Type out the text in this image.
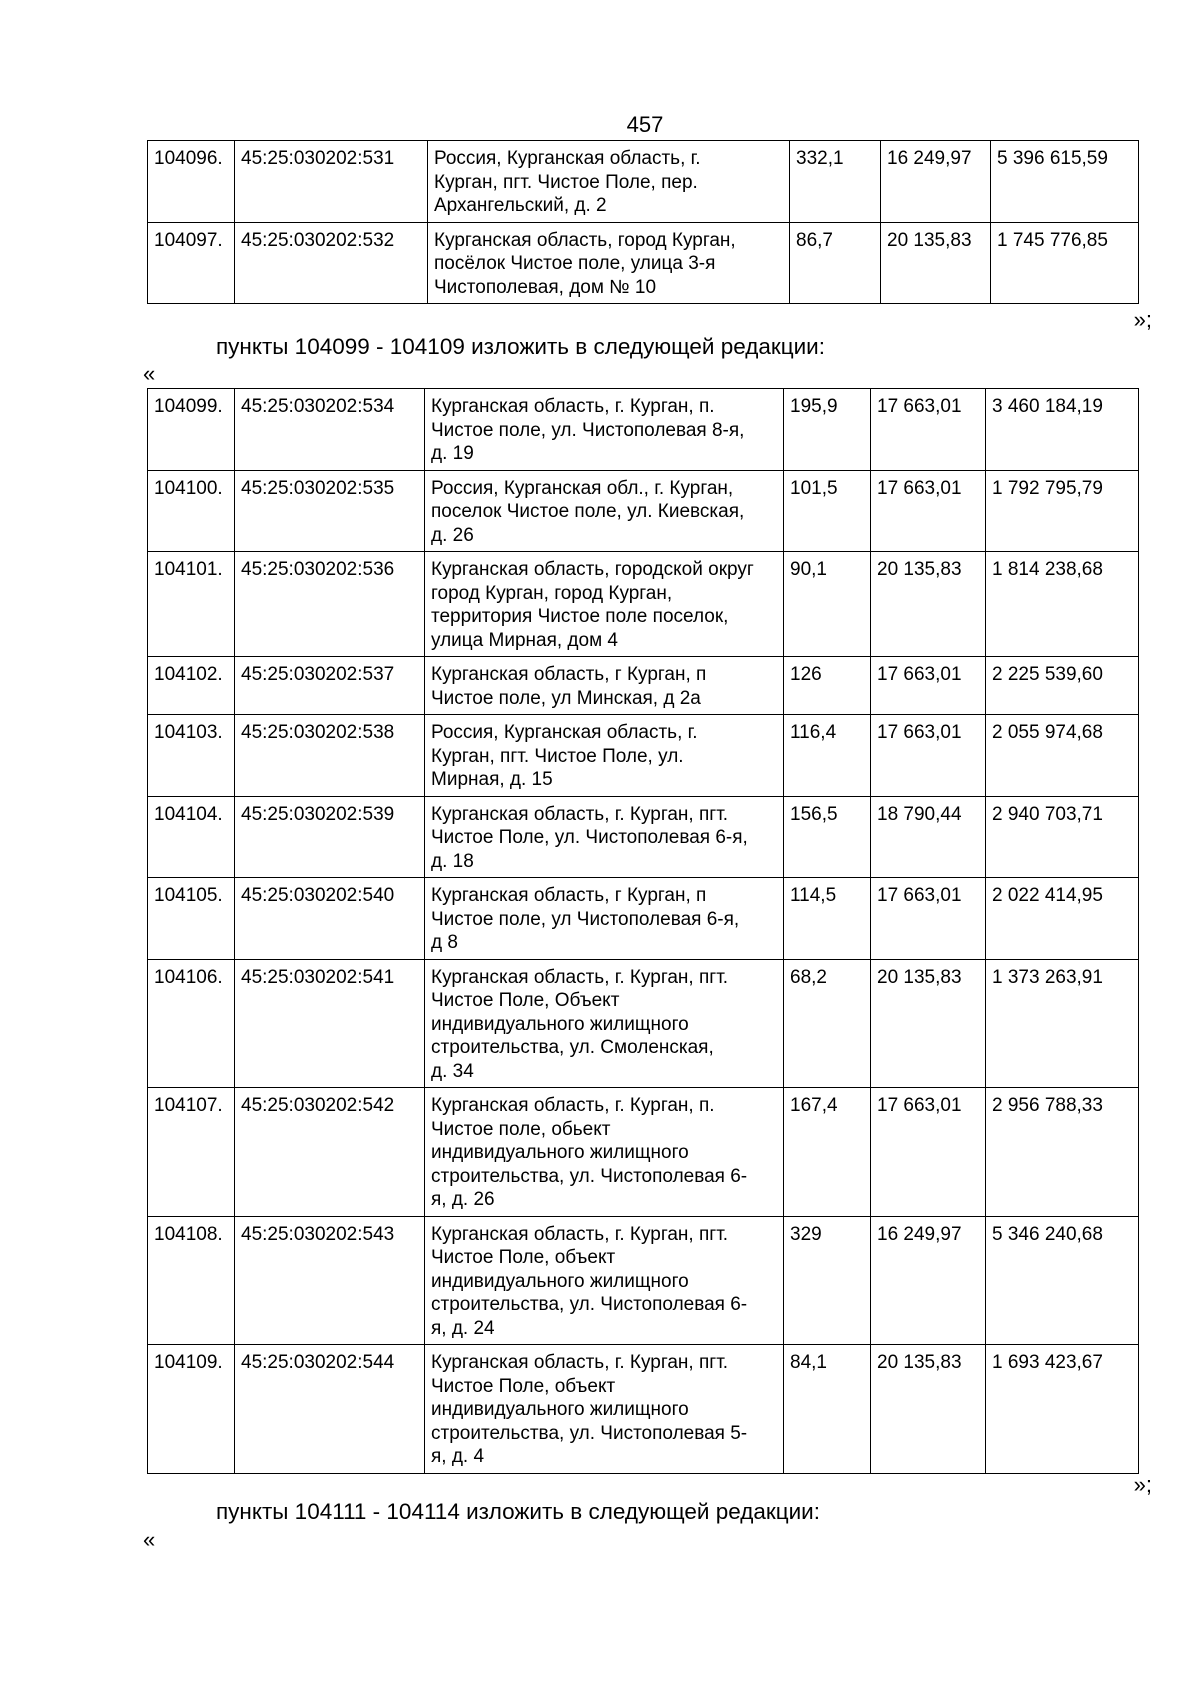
457
104096.	45:25:030202:531	Россия, Курганская область, г.
Курган, пгт. Чистое Поле, пер.
Архангельский, д. 2	332,1	16 249,97	5 396 615,59
104097.	45:25:030202:532	Курганская область, город Курган,
посёлок Чистое поле, улица 3-я
Чистополевая, дом № 10	86,7	20 135,83	1 745 776,85
»;
пункты 104099 - 104109 изложить в следующей редакции:
«
104099.	45:25:030202:534	Курганская область, г. Курган, п.
Чистое поле, ул. Чистополевая 8-я,
д. 19	195,9	17 663,01	3 460 184,19
104100.	45:25:030202:535	Россия, Курганская обл., г. Курган,
поселок Чистое поле, ул. Киевская,
д. 26	101,5	17 663,01	1 792 795,79
104101.	45:25:030202:536	Курганская область, городской округ
город Курган, город Курган,
территория Чистое поле поселок,
улица Мирная, дом 4	90,1	20 135,83	1 814 238,68
104102.	45:25:030202:537	Курганская область, г Курган, п
Чистое поле, ул Минская, д 2а	126	17 663,01	2 225 539,60
104103.	45:25:030202:538	Россия, Курганская область, г.
Курган, пгт. Чистое Поле, ул.
Мирная, д. 15	116,4	17 663,01	2 055 974,68
104104.	45:25:030202:539	Курганская область, г. Курган, пгт.
Чистое Поле, ул. Чистополевая 6-я,
д. 18	156,5	18 790,44	2 940 703,71
104105.	45:25:030202:540	Курганская область, г Курган, п
Чистое поле, ул Чистополевая 6-я,
д 8	114,5	17 663,01	2 022 414,95
104106.	45:25:030202:541	Курганская область, г. Курган, пгт.
Чистое Поле, Объект
индивидуального жилищного
строительства, ул. Смоленская,
д. 34	68,2	20 135,83	1 373 263,91
104107.	45:25:030202:542	Курганская область, г. Курган, п.
Чистое поле, обьект
индивидуального жилищного
строительства, ул. Чистополевая 6-
я, д. 26	167,4	17 663,01	2 956 788,33
104108.	45:25:030202:543	Курганская область, г. Курган, пгт.
Чистое Поле, объект
индивидуального жилищного
строительства, ул. Чистополевая 6-
я, д. 24	329	16 249,97	5 346 240,68
104109.	45:25:030202:544	Курганская область, г. Курган, пгт.
Чистое Поле, объект
индивидуального жилищного
строительства, ул. Чистополевая 5-
я, д. 4	84,1	20 135,83	1 693 423,67
»;
пункты 104111 - 104114 изложить в следующей редакции:
«
